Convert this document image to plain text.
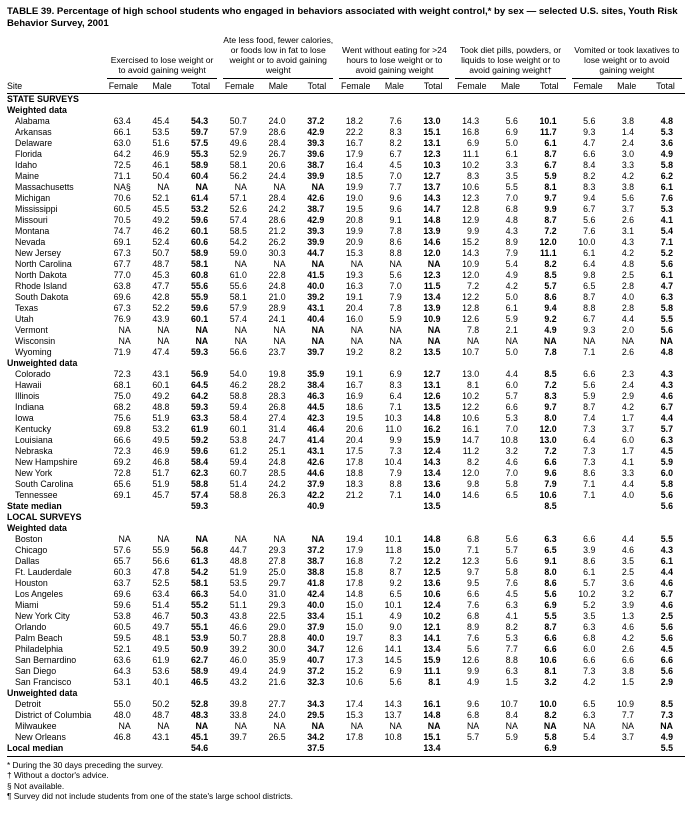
TABLE 39. Percentage of high school students who engaged in behaviors associated with weight control,* by sex — selected U.S. sites, Youth Risk Behavior Survey, 2001
Site	Exercised to lose weight or to avoid gaining weight			Ate less food, fewer calories, or foods low in fat to lose weight or to avoid gaining weight			Went without eating for >24 hours to lose weight or to avoid gaining weight			Took diet pills, powders, or liquids to lose weight or to avoid gaining weight†			Vomited or took laxatives to lose weight or to avoid gaining weight		

	Female	Male	Total	Female	Male	Total	Female	Male	Total	Female	Male	Total	Female	Male	Total
STATE SURVEYS															
Weighted data															
Alabama	63.4	45.4	54.3	50.7	24.0	37.2	18.2	7.6	13.0	14.3	5.6	10.1	5.6	3.8	4.8
Arkansas	66.1	53.5	59.7	57.9	28.6	42.9	22.2	8.3	15.1	16.8	6.9	11.7	9.3	1.4	5.3
Delaware	63.0	51.6	57.5	49.6	28.4	39.3	16.7	8.2	13.1	6.9	5.0	6.1	4.7	2.4	3.6
Florida	64.2	46.9	55.3	52.9	26.7	39.6	17.9	6.7	12.3	11.1	6.1	8.7	6.6	3.0	4.9
Idaho	72.5	46.1	58.9	58.1	20.6	38.7	16.4	4.5	10.3	10.2	3.3	6.7	8.4	3.3	5.8
Maine	71.1	50.4	60.4	56.2	24.4	39.9	18.5	7.0	12.7	8.3	3.5	5.9	8.2	4.2	6.2
Massachusetts	NA§	NA	NA	NA	NA	NA	19.9	7.7	13.7	10.6	5.5	8.1	8.3	3.8	6.1
Michigan	70.6	52.1	61.4	57.1	28.4	42.6	19.0	9.6	14.3	12.3	7.0	9.7	9.4	5.6	7.6
Mississippi	60.5	45.5	53.2	52.6	24.2	38.7	19.5	9.6	14.7	12.8	6.8	9.9	6.7	3.7	5.3
Missouri	70.5	49.2	59.6	57.4	28.6	42.9	20.8	9.1	14.8	12.9	4.8	8.7	5.6	2.6	4.1
Montana	74.7	46.2	60.1	58.5	21.2	39.3	19.9	7.8	13.9	9.9	4.3	7.2	7.6	3.1	5.4
Nevada	69.1	52.4	60.6	54.2	26.2	39.9	20.9	8.6	14.6	15.2	8.9	12.0	10.0	4.3	7.1
New Jersey	67.3	50.7	58.9	59.0	30.3	44.7	15.3	8.8	12.0	14.3	7.9	11.1	6.1	4.2	5.2
North Carolina	67.7	48.7	58.1	NA	NA	NA	NA	NA	NA	10.9	5.4	8.2	6.4	4.8	5.6
North Dakota	77.0	45.3	60.8	61.0	22.8	41.5	19.3	5.6	12.3	12.0	4.9	8.5	9.8	2.5	6.1
Rhode Island	63.8	47.7	55.6	55.6	24.8	40.0	16.3	7.0	11.5	7.2	4.2	5.7	6.5	2.8	4.7
South Dakota	69.6	42.8	55.9	58.1	21.0	39.2	19.1	7.9	13.4	12.2	5.0	8.6	8.7	4.0	6.3
Texas	67.3	52.2	59.6	57.9	28.9	43.1	20.4	7.8	13.9	12.8	6.1	9.4	8.8	2.8	5.8
Utah	76.9	43.9	60.1	57.4	24.1	40.4	16.0	5.9	10.9	12.6	5.9	9.2	6.7	4.4	5.5
Vermont	NA	NA	NA	NA	NA	NA	NA	NA	NA	7.8	2.1	4.9	9.3	2.0	5.6
Wisconsin	NA	NA	NA	NA	NA	NA	NA	NA	NA	NA	NA	NA	NA	NA	NA
Wyoming	71.9	47.4	59.3	56.6	23.7	39.7	19.2	8.2	13.5	10.7	5.0	7.8	7.1	2.6	4.8
Unweighted data															
Colorado	72.3	43.1	56.9	54.0	19.8	35.9	19.1	6.9	12.7	13.0	4.4	8.5	6.6	2.3	4.3
Hawaii	68.1	60.1	64.5	46.2	28.2	38.4	16.7	8.3	13.1	8.1	6.0	7.2	5.6	2.4	4.3
Illinois	75.0	49.2	64.2	58.8	28.3	46.3	16.9	6.4	12.6	10.2	5.7	8.3	5.9	2.9	4.6
Indiana	68.2	48.8	59.3	59.4	26.8	44.5	18.6	7.1	13.5	12.2	6.6	9.7	8.7	4.2	6.7
Iowa	75.6	51.9	63.3	58.4	27.4	42.3	19.5	10.3	14.8	10.6	5.3	8.0	7.4	1.7	4.4
Kentucky	69.8	53.2	61.9	60.1	31.4	46.4	20.6	11.0	16.2	16.1	7.0	12.0	7.3	3.7	5.7
Louisiana	66.6	49.5	59.2	53.8	24.7	41.4	20.4	9.9	15.9	14.7	10.8	13.0	6.4	6.0	6.3
Nebraska	72.3	46.9	59.6	61.2	25.1	43.1	17.5	7.3	12.4	11.2	3.2	7.2	7.3	1.7	4.5
New Hampshire	69.2	46.8	58.4	59.4	24.8	42.6	17.8	10.4	14.3	8.2	4.6	6.6	7.3	4.1	5.9
New York	72.8	51.7	62.3	60.7	28.5	44.6	18.8	7.9	13.4	12.0	7.0	9.6	8.6	3.3	6.0
South Carolina	65.6	51.9	58.8	51.4	24.2	37.9	18.3	8.8	13.6	9.8	5.8	7.9	7.1	4.4	5.8
Tennessee	69.1	45.7	57.4	58.8	26.3	42.2	21.2	7.1	14.0	14.6	6.5	10.6	7.1	4.0	5.6
State median			59.3			40.9			13.5			8.5			5.6
LOCAL SURVEYS															
Weighted data															
Boston	NA	NA	NA	NA	NA	NA	19.4	10.1	14.8	6.8	5.6	6.3	6.6	4.4	5.5
Chicago	57.6	55.9	56.8	44.7	29.3	37.2	17.9	11.8	15.0	7.1	5.7	6.5	3.9	4.6	4.3
Dallas	65.7	56.6	61.3	48.8	27.8	38.7	16.8	7.2	12.2	12.3	5.6	9.1	8.6	3.5	6.1
Ft. Lauderdale	60.3	47.8	54.2	51.9	25.0	38.8	15.8	8.7	12.5	9.7	5.8	8.0	6.1	2.5	4.4
Houston	63.7	52.5	58.1	53.5	29.7	41.8	17.8	9.2	13.6	9.5	7.6	8.6	5.7	3.6	4.6
Los Angeles	69.6	63.4	66.3	54.0	31.0	42.4	14.8	6.5	10.6	6.6	4.5	5.6	10.2	3.2	6.7
Miami	59.6	51.4	55.2	51.1	29.3	40.0	15.0	10.1	12.4	7.6	6.3	6.9	5.2	3.9	4.6
New York City	53.8	46.7	50.3	43.8	22.5	33.4	15.1	4.9	10.2	6.8	4.1	5.5	3.5	1.3	2.5
Orlando	60.5	49.7	55.1	46.6	29.0	37.9	15.0	9.0	12.1	8.9	8.2	8.7	6.3	4.6	5.6
Palm Beach	59.5	48.1	53.9	50.7	28.8	40.0	19.7	8.3	14.1	7.6	5.3	6.6	6.8	4.2	5.6
Philadelphia	52.1	49.5	50.9	39.2	30.0	34.7	12.6	14.1	13.4	5.6	7.7	6.6	6.0	2.6	4.5
San Bernardino	63.6	61.9	62.7	46.0	35.9	40.7	17.3	14.5	15.9	12.6	8.8	10.6	6.6	6.6	6.6
San Diego	64.3	53.6	58.9	49.4	24.9	37.2	15.2	6.9	11.1	9.9	6.3	8.1	7.3	3.8	5.6
San Francisco	53.1	40.1	46.5	43.2	21.6	32.3	10.6	5.6	8.1	4.9	1.5	3.2	4.2	1.5	2.9
Unweighted data															
Detroit	55.0	50.2	52.8	39.8	27.7	34.3	17.4	14.3	16.1	9.6	10.7	10.0	6.5	10.9	8.5
District of Columbia	48.0	48.7	48.3	33.8	24.0	29.5	15.3	13.7	14.8	6.8	8.4	8.2	6.3	7.7	7.3
Milwaukee	NA	NA	NA	NA	NA	NA	NA	NA	NA	NA	NA	NA	NA	NA	NA
New Orleans	46.8	43.1	45.1	39.7	26.5	34.2	17.8	10.8	15.1	5.7	5.9	5.8	5.4	3.7	4.9
Local median			54.6			37.5			13.4			6.9			5.5
* During the 30 days preceding the survey.
† Without a doctor's advice.
§ Not available.
¶ Survey did not include students from one of the state's large school districts.
